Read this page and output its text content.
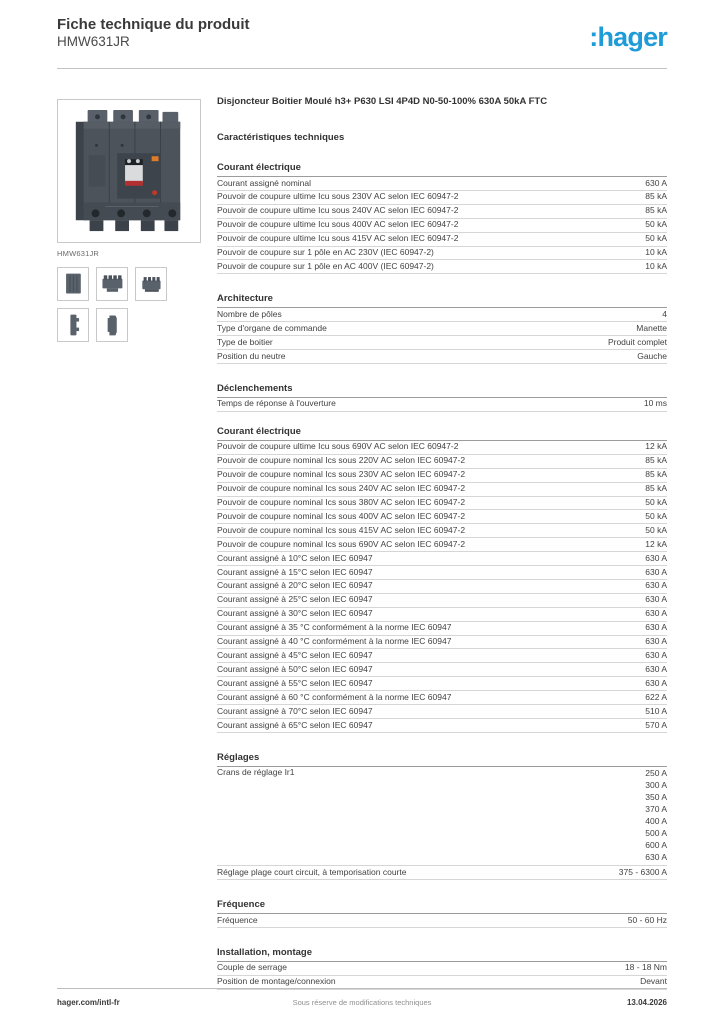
Fiche technique du produit
HMW631JR	:hager
HMW631JR
Disjoncteur Boitier Moulé h3+ P630 LSI 4P4D N0-50-100% 630A 50kA FTC
Caractéristiques techniques
Courant électrique
Courant assigné nominal	630 A
Pouvoir de coupure ultime Icu sous 230V AC selon IEC 60947-2	85 kA
Pouvoir de coupure ultime Icu sous 240V AC selon IEC 60947-2	85 kA
Pouvoir de coupure ultime Icu sous 400V AC selon IEC 60947-2	50 kA
Pouvoir de coupure ultime Icu sous 415V AC selon IEC 60947-2	50 kA
Pouvoir de coupure sur 1 pôle en AC 230V (IEC 60947-2)	10 kA
Pouvoir de coupure sur 1 pôle en AC 400V (IEC 60947-2)	10 kA
Architecture
Nombre de pôles	4
Type d'organe de commande	Manette
Type de boitier	Produit complet
Position du neutre	Gauche
Déclenchements
Temps de réponse à l'ouverture	10 ms
Courant électrique
Pouvoir de coupure ultime Icu sous 690V AC selon IEC 60947-2	12 kA
Pouvoir de coupure nominal Ics sous 220V AC selon IEC 60947-2	85 kA
Pouvoir de coupure nominal Ics sous 230V AC selon IEC 60947-2	85 kA
Pouvoir de coupure nominal Ics sous 240V AC selon IEC 60947-2	85 kA
Pouvoir de coupure nominal Ics sous 380V AC selon IEC 60947-2	50 kA
Pouvoir de coupure nominal Ics sous 400V AC selon IEC 60947-2	50 kA
Pouvoir de coupure nominal Ics sous 415V AC selon IEC 60947-2	50 kA
Pouvoir de coupure nominal Ics sous 690V AC selon IEC 60947-2	12 kA
Courant assigné à 10°C selon IEC 60947	630 A
Courant assigné à 15°C selon IEC 60947	630 A
Courant assigné à 20°C selon IEC 60947	630 A
Courant assigné à 25°C selon IEC 60947	630 A
Courant assigné à 30°C selon IEC 60947	630 A
Courant assigné à 35 °C conformément à la norme IEC 60947	630 A
Courant assigné à 40 °C conformément à la norme IEC 60947	630 A
Courant assigné à 45°C selon IEC 60947	630 A
Courant assigné à 50°C selon IEC 60947	630 A
Courant assigné à 55°C selon IEC 60947	630 A
Courant assigné à 60 °C conformément à la norme IEC 60947	622 A
Courant assigné à 70°C selon IEC 60947	510 A
Courant assigné à 65°C selon IEC 60947	570 A
Réglages
Crans de réglage Ir1	250 A
300 A
350 A
370 A
400 A
500 A
600 A
630 A
Réglage plage court circuit, à temporisation courte	375 - 6300 A
Fréquence
Fréquence	50 - 60 Hz
Installation, montage
Couple de serrage	18 - 18 Nm
Position de montage/connexion	Devant
hager.com/intl-fr	Sous réserve de modifications techniques	13.04.2026
